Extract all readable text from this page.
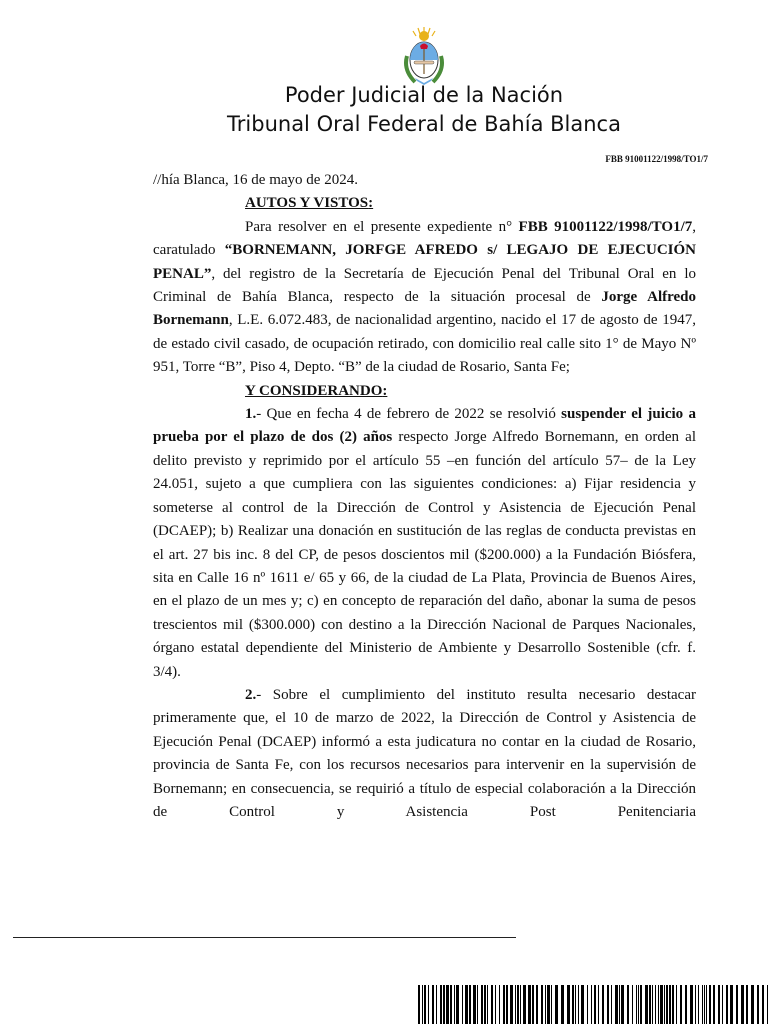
Poder Judicial de la Nación
Tribunal Oral Federal de Bahía Blanca
FBB 91001122/1998/TO1/7

//hía Blanca, 16 de mayo de 2024.

AUTOS Y VISTOS:

Para resolver en el presente expediente n° FBB 91001122/1998/TO1/7, caratulado “BORNEMANN, JORFGE AFREDO s/ LEGAJO DE EJECUCIÓN PENAL”, del registro de la Secretaría de Ejecución Penal del Tribunal Oral en lo Criminal de Bahía Blanca, respecto de la situación procesal de Jorge Alfredo Bornemann, L.E. 6.072.483, de nacionalidad argentino, nacido el 17 de agosto de 1947, de estado civil casado, de ocupación retirado, con domicilio real calle sito 1° de Mayo Nº 951, Torre “B”, Piso 4, Depto. “B” de la ciudad de Rosario, Santa Fe;

Y CONSIDERANDO:

1.- Que en fecha 4 de febrero de 2022 se resolvió suspender el juicio a prueba por el plazo de dos (2) años respecto Jorge Alfredo Bornemann, en orden al delito previsto y reprimido por el artículo 55 –en función del artículo 57– de la Ley 24.051, sujeto a que cumpliera con las siguientes condiciones: a) Fijar residencia y someterse al control de la Dirección de Control y Asistencia de Ejecución Penal (DCAEP); b) Realizar una donación en sustitución de las reglas de conducta previstas en el art. 27 bis inc. 8 del CP, de pesos doscientos mil ($200.000) a la Fundación Biósfera, sita en Calle 16 nº 1611 e/ 65 y 66, de la ciudad de La Plata, Provincia de Buenos Aires, en el plazo de un mes y; c) en concepto de reparación del daño, abonar la suma de pesos trescientos mil ($300.000) con destino a la Dirección Nacional de Parques Nacionales, órgano estatal dependiente del Ministerio de Ambiente y Desarrollo Sostenible (cfr. f. 3/4).

2.- Sobre el cumplimiento del instituto resulta necesario destacar primeramente que, el 10 de marzo de 2022, la Dirección de Control y Asistencia de Ejecución Penal (DCAEP) informó a esta judicatura no contar en la ciudad de Rosario, provincia de Santa Fe, con los recursos necesarios para intervenir en la supervisión de Bornemann; en consecuencia, se requirió a título de especial colaboración a la Dirección de Control y Asistencia Post Penitenciaria
